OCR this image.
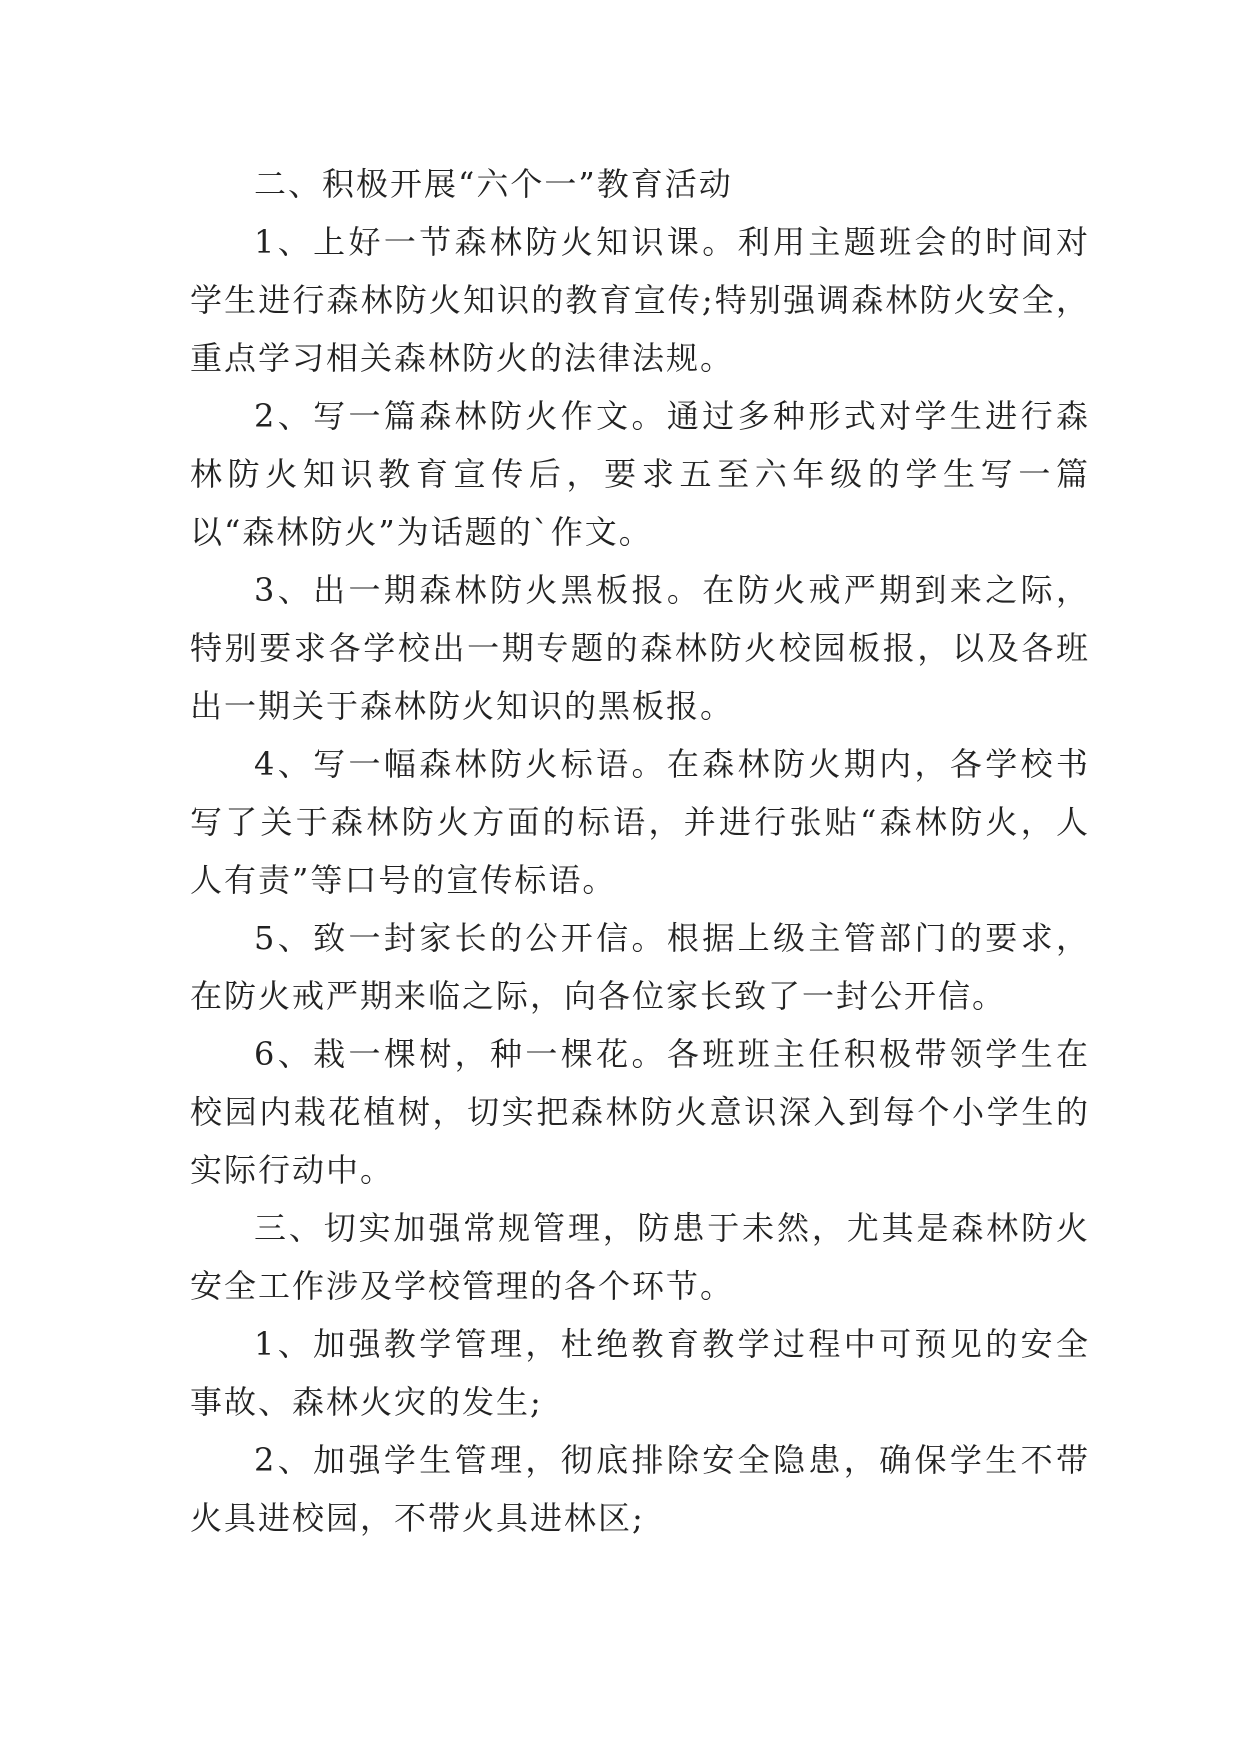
二、积极开展“六个一”教育活动

1、上好一节森林防火知识课。利用主题班会的时间对学生进行森林防火知识的教育宣传;特别强调森林防火安全，重点学习相关森林防火的法律法规。

2、写一篇森林防火作文。通过多种形式对学生进行森林防火知识教育宣传后，要求五至六年级的学生写一篇以“森林防火”为话题的`作文。

3、出一期森林防火黑板报。在防火戒严期到来之际，特别要求各学校出一期专题的森林防火校园板报，以及各班出一期关于森林防火知识的黑板报。

4、写一幅森林防火标语。在森林防火期内，各学校书写了关于森林防火方面的标语，并进行张贴“森林防火，人人有责”等口号的宣传标语。

5、致一封家长的公开信。根据上级主管部门的要求，在防火戒严期来临之际，向各位家长致了一封公开信。

6、栽一棵树，种一棵花。各班班主任积极带领学生在校园内栽花植树，切实把森林防火意识深入到每个小学生的实际行动中。

三、切实加强常规管理，防患于未然，尤其是森林防火安全工作涉及学校管理的各个环节。

1、加强教学管理，杜绝教育教学过程中可预见的安全事故、森林火灾的发生;

2、加强学生管理，彻底排除安全隐患，确保学生不带火具进校园，不带火具进林区;
